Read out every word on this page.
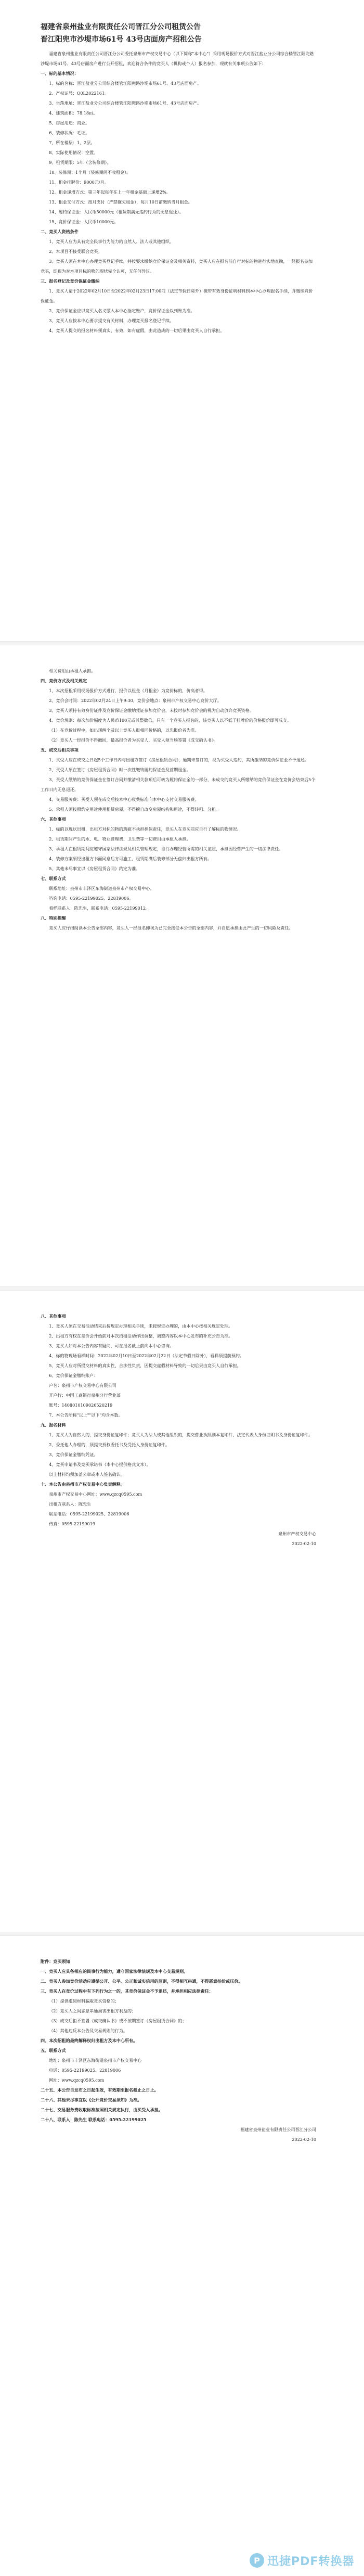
福建省泉州盐业有限责任公司晋江分公司租赁公告
晋江阳兜市沙堤市场61号 43号店面房产招租公告

福建省泉州盐业有限责任公司晋江分公司委托泉州市产权交易中心（以下简称"本中心"）采用现场报价方式对晋江盐业分公司综合楼管江阳兜路沙堤市场61号、43号店面房产进行公开招租，欢迎符合条件的竞买人（机构或个人）报名参加，现就有关事项公告如下：

一、标的基本情况：

1、标的名称：晋江盐业分公司综合楼管江阳兜路沙堤市场61号、43号店面房产。

2、产权证号：Q0L2022161。

3、坐落地址：晋江盐业分公司综合楼管江阳兜路沙堤市场61号、43号店面房产。

4、建筑面积：78.18㎡。

5、房屋用途：商业。

6、装修状况：毛坯。

7、所在楼层：1、2层。

8、实际使用情况：空置。

9、租赁期限：5年（含装修期）。

10、装修期：1个月（装修期间不收租金）。

11、租金挂牌价：9000元/月。

12、租金递增方式：第三年起每年在上一年租金基础上递增2%。

13、租金支付方式：按月支付（严禁拖欠租金），每月10日前缴纳当月租金。

14、履约保证金：人民币50000元（租赁期满无违约行为的无息退还）。

15、竞价保证金：人民币10000元。

二、竞买人资格条件

1、竞买人应为具有完全民事行为能力的自然人、法人或其他组织。

2、本项目不接受联合竞买。

3、竞买人须在本中心办理竞买登记手续，并按要求缴纳竞价保证金及相关资料，竞买人应在报名前自行对标的物进行实地查勘，一经报名参加竞买，即视为对本项目标的物的现状完全认可，无任何异议。

三、报名登记及竞价保证金缴纳

1、竞买人请于2022年02月10日至2022年02月23日17:00前（法定节假日除外）携带有效身份证明材料到本中心办理报名手续，并缴纳竞价保证金。

2、竞价保证金应以竞买人名义缴入本中心指定账户，竞价保证金以到账为准。

3、竞买人应按本中心要求提交有关材料，办理竞买报名登记手续。

4、竞买人提交的报名材料须真实、有效，如有虚假，由此造成的一切后果由竞买人自行承担。

相关费用由承租人承担。

四、竞价方式及相关规定

1、本次招租采用现场报价方式进行，报价以租金（月租金）为竞价标的，价高者得。

2、竞价会时间：2022年02月24日上午9:30，竞价会地点：泉州市产权交易中心竞价大厅。

3、竞买人须持有效身份证件及竞价保证金缴纳凭证参加竞价会，未按时参加竞价会的视为自动放弃竞买资格。

4、竞价规则：每次加价幅度为人民币100元或其整数倍，只有一个竞买人报名的，该竞买人以不低于挂牌价的价格报价即可成交。

（1）在竞价过程中，如出现两个及以上竞买人报相同价格的，以先报价者为准。

（2）竞买人一经报价不得撤回，最高报价者为买受人，买受人须当场签署《成交确认书》。

五、成交后相关事项

1、买受人应在成交之日起5个工作日内与出租方签订《房屋租赁合同》，逾期未签订的，视为买受人违约，其所缴纳的竞价保证金不予退还。

2、买受人须在签订《房屋租赁合同》时一次性缴纳履约保证金及首期租金。

3、买受人缴纳的竞价保证金在签订合同并缴清相关款项后可转为履约保证金的一部分，未成交的竞买人所缴纳的竞价保证金在竞价会结束后5个工作日内无息退还。

4、交易服务费：买受人须在成交后按本中心收费标准向本中心支付交易服务费。

5、承租人须按照约定用途使用租赁房屋，不得擅自改变房屋结构和用途，不得转租、分租。

六、其他事项

1、标的以现状出租，出租方对标的物的瑕疵不承担担保责任，竞买人在竞买前应自行了解标的物情况。

2、租赁期间产生的水、电、物业管理费、卫生费等一切费用由承租人承担。

3、承租人在租赁期间应遵守国家法律法规及相关管理规定，自行办理经营所需的相关证照，承担因经营产生的一切法律责任。

4、装修方案须经出租方书面同意后方可施工，租赁期满后装修部分无偿归出租方所有。

5、其他未尽事宜以《房屋租赁合同》约定为准。

七、联系方式

联系地址：泉州市丰泽区东海街道泉州市产权交易中心。

咨询电话：0595-22199025、22819006。

看样联系人：陈先生，联系电话：0595-22199012。

八、特别提醒

竞买人应仔细阅读本公告全部内容，竞买人一经报名即视为已完全接受本公告的全部内容，并自愿承担由此产生的一切风险及责任。

八、其他事项

1、竞买人须在交易活动结束后按规定办理相关手续，未按规定办理的，由本中心按相关规定处理。

2、出租方有权在竞价会开始前对本次招租活动作出调整，调整内容以本中心发布的补充公告为准。

3、竞买人如对本公告内容有疑问，可在报名截止前向本中心咨询。

4、标的物现场看样时间：2022年02月10日至2022年02月22日（法定节假日除外），看样须提前预约。

5、竞买人应对所提交材料的真实性、合法性负责，因提交虚假材料导致的一切后果由竞买人自行承担。

6、竞价保证金缴纳账户：

户名：泉州市产权交易中心有限公司

开户行：中国工商银行泉州分行营业部

账号：1408010109026520219

7、本公告所称"以上""以下"均含本数。

九、报名材料

1、竞买人为自然人的，提交身份证复印件；竞买人为法人或其他组织的，提交营业执照副本复印件、法定代表人身份证明书及身份证复印件。

2、委托他人办理的，须提交授权委托书及受托人身份证复印件。

3、竞价保证金缴纳凭证。

4、竞买申请书及竞买承诺书（本中心提供格式文本）。

以上材料均须加盖公章或本人签名确认。

十、本公告由泉州市产权交易中心负责解释。

泉州市产权交易中心网址：www.qzcq0595.com

出租方联系人：陈先生

联系电话：0595-22199025、22819006

传真：0595-22199019

泉州市产权交易中心

2022-02-10

附件：竞买须知

一、竞买人应具备相应的民事行为能力，遵守国家法律法规及本中心交易规则。

二、竞买人参加竞价活动应遵循公开、公平、公正和诚实信用的原则，不得相互串通，不得恶意抬价或压价。

三、竞买人在竞价过程中有下列行为之一的，其竞价保证金不予退还，并承担相应法律责任：

（1）提供虚假材料骗取竞买资格的；

（2）竞买人之间恶意串通损害出租方利益的；

（3）成交后拒不签署《成交确认书》或不按期签订《房屋租赁合同》的；

（4）其他违反本公告及交易规则的行为。

四、本次招租的最终解释权归出租方及本中心所有。

五、联系方式

地址：泉州市丰泽区东海街道泉州市产权交易中心

电话：0595-22199025、22819006

网址：www.qzcq0595.com

二十五、本公告自发布之日起生效，有效期至报名截止之日止。

二十六、其他未尽事宜以《公开竞价交易须知》为准。

二十七、交易服务费收取标准按照相关规定执行，由买受人承担。

二十八、联系人：陈先生 联系电话：0595-22199025

福建省泉州盐业有限责任公司晋江分公司

2022-02-10

P 迅捷PDF转换器
